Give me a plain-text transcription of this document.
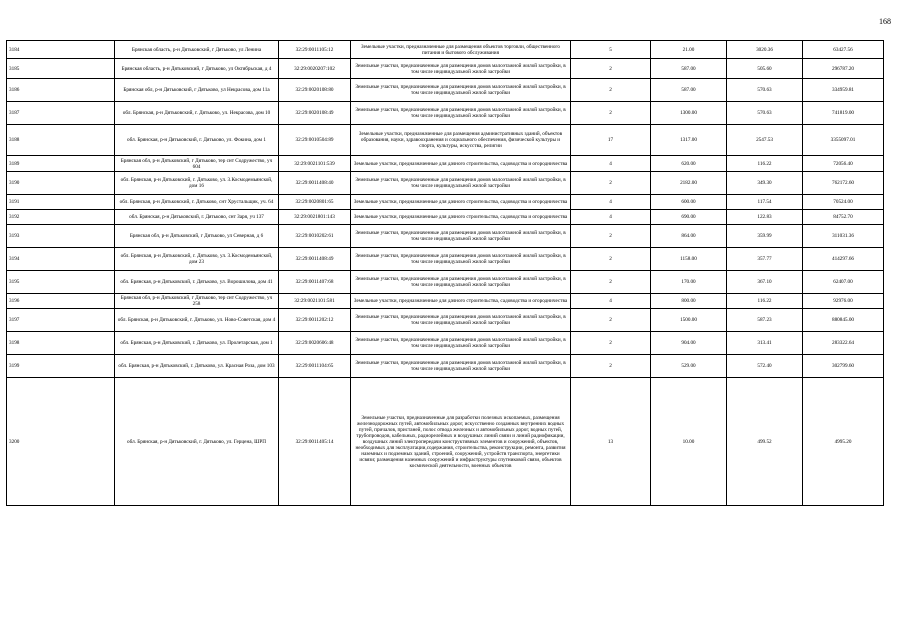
168
3184	Брянская область, р-н Дятьковский, г Дятьково, ул Ленина	32:29:0011105:12	Земельные участки, предназначенные для размещения объектов торговли, общественного питания и бытового обслуживания	5	21.00	3020.36	63427.56
3185	Брянская область, р-н Дятьковский, г Дятьково, ул Октябрьская, д 4	32:29:0020207:102	Земельные участки, предназначенные для размещения домов малоэтажной жилой застройки, в том числе индивидуальной жилой застройки	2	587.00	505.60	296787.20
3186	Брянская обл, р-н Дятьковский, г Дятьково, ул Некрасова, дом 11а	32:29:0020108:80	Земельные участки, предназначенные для размещения домов малоэтажной жилой застройки, в том числе индивидуальной жилой застройки	2	587.00	570.63	334959.81
3187	обл. Брянская, р-н Дятьковский, г. Дятьково, ул. Некрасова, дом 10	32:29:0020108:49	Земельные участки, предназначенные для размещения домов малоэтажной жилой застройки, в том числе индивидуальной жилой застройки	2	1300.00	570.63	741819.00
3188	обл. Брянская, р-н Дятьковский, г. Дятьково, ул. Фокина, дом 1	32:29:0010504:89	Земельные участки, предназначенные для размещения административных зданий, объектов образования, науки, здравоохранения и социального обеспечения, физической культуры и спорта, культуры, искусства, религии	17	1317.00	2547.53	3355097.01
3189	Брянская обл, р-н Дятьковский, г Дятьково, тер снт Содружество, уч 604	32:29:0021101:539	Земельные участки, предназначенные для дачного строительства, садоводства и огородничества	4	620.00	116.22	72056.40
3190	обл. Брянская, р-н Дятьковский, г. Дятьково, ул. 3.Космодемьянской, дом 16	32:29:0011408:40	Земельные участки, предназначенные для размещения домов малоэтажной жилой застройки, в том числе индивидуальной жилой застройки	2	2182.00	349.30	762172.60
3191	обл. Брянская, р-н Дятьковский, г. Дятьково, снт Хрустальщик, уч. 64	32:29:0020801:65	Земельные участки, предназначенные для дачного строительства, садоводства и огородничества	4	600.00	117.54	70524.00
3192	обл. Брянская, р-н Дятьковский, г. Дятьково, снт Заря, уч 137	32:29:0021801:143	Земельные участки, предназначенные для дачного строительства, садоводства и огородничества	4	690.00	122.83	84752.70
3193	Брянская обл, р-н Дятьковский, г Дятьково, ул Северная, д 6	32:29:0010202:61	Земельные участки, предназначенные для размещения домов малоэтажной жилой застройки, в том числе индивидуальной жилой застройки	2	864.00	359.99	311031.36
3194	обл. Брянская, р-н Дятьковский, г. Дятьково, ул. 3.Космодемьянской, дом 23	32:29:0011408:49	Земельные участки, предназначенные для размещения домов малоэтажной жилой застройки, в том числе индивидуальной жилой застройки	2	1158.00	357.77	414297.66
3195	обл. Брянская, р-н Дятьковский, г. Дятьково, ул. Ворошилова, дом 41	32:29:0011407:68	Земельные участки, предназначенные для размещения домов малоэтажной жилой застройки, в том числе индивидуальной жилой застройки	2	170.00	367.10	62407.00
3196	Брянская обл, р-н Дятьковский, г Дятьково, тер снт Содружество, уч 258	32:29:0021101:581	Земельные участки, предназначенные для дачного строительства, садоводства и огородничества	4	800.00	116.22	92976.00
3197	обл. Брянская, р-н Дятьковский, г. Дятьково, ул. Ново-Советская, дом 4	32:29:0011202:12	Земельные участки, предназначенные для размещения домов малоэтажной жилой застройки, в том числе индивидуальной жилой застройки	2	1500.00	587.23	880845.00
3198	обл. Брянская, р-н Дятьковский, г. Дятьково, ул. Пролетарская, дом 1	32:29:0020606:48	Земельные участки, предназначенные для размещения домов малоэтажной жилой застройки, в том числе индивидуальной жилой застройки	2	904.00	313.41	283322.64
3199	обл. Брянская, р-н Дятьковский, г. Дятьково, ул. Красная Роза, дом 103	32:29:0011104:65	Земельные участки, предназначенные для размещения домов малоэтажной жилой застройки, в том числе индивидуальной жилой застройки	2	529.00	572.40	302799.60
3200	обл. Брянская, р-н Дятьковский, г. Дятьково, ул. Герцена, ШРП	32:29:0011405:14	Земельные участки, предназначенные для разработки полезных ископаемых, размещения железнодорожных путей, автомобильных дорог, искусственно созданных внутренних водных путей, причалов, пристаней, полос отвода железных и автомобильных дорог, водных путей, трубопроводов, кабельных, радиорелейных и воздушных линий связи и линий радиофикации, воздушных линий электропередачи конструктивных элементов и сооружений, объектов, необходимых для эксплуатации,содержания, строительства, реконструкции, ремонта, развития наземных и подземных зданий, строений, сооружений, устройств транспорта, энергетики исвязи; размещения наземных сооружений и инфраструктуры спутниковой связи, объектов космической деятельности, военных объектов	13	10.00	499.52	4995.20
